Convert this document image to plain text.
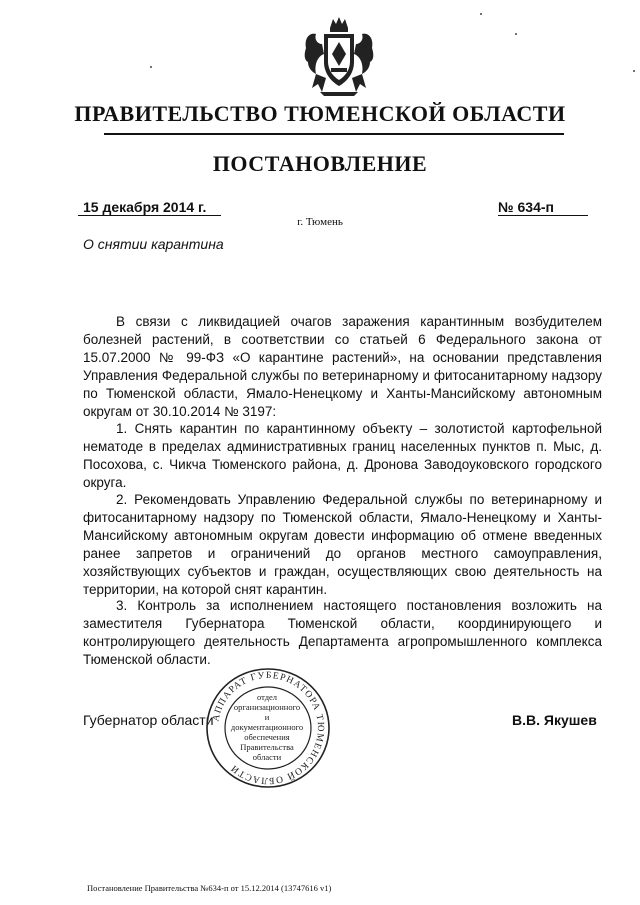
ПРАВИТЕЛЬСТВО ТЮМЕНСКОЙ ОБЛАСТИ
ПОСТАНОВЛЕНИЕ
15 декабря 2014 г.	№ 634-п
г. Тюмень
О снятии карантина
В связи с ликвидацией очагов заражения карантинным возбудителем болезней растений, в соответствии со статьей 6 Федерального закона от 15.07.2000 № 99-ФЗ «О карантине растений», на основании представления Управления Федеральной службы по ветеринарному и фитосанитарному надзору по Тюменской области, Ямало-Ненецкому и Ханты-Мансийскому автономным округам от 30.10.2014 № 3197:
1. Снять карантин по карантинному объекту – золотистой картофельной нематоде в пределах административных границ населенных пунктов п. Мыс, д. Посохова, с. Чикча Тюменского района, д. Дронова Заводоуковского городского округа.
2. Рекомендовать Управлению Федеральной службы по ветеринарному и фитосанитарному надзору по Тюменской области, Ямало-Ненецкому и Ханты-Мансийскому автономным округам довести информацию об отмене введенных ранее запретов и ограничений до органов местного самоуправления, хозяйствующих субъектов и граждан, осуществляющих свою деятельность на территории, на которой снят карантин.
3. Контроль за исполнением настоящего постановления возложить на заместителя Губернатора Тюменской области, координирующего и контролирующего деятельность Департамента агропромышленного комплекса Тюменской области.
Губернатор области	В.В. Якушев
АППАРАТ ГУБЕРНАТОРА ТЮМЕНСКОЙ ОБЛАСТИ
отдел
организационного
и
документационного
обеспечения
Правительства
области
Постановление Правительства №634-п от 15.12.2014 (13747616 v1)
